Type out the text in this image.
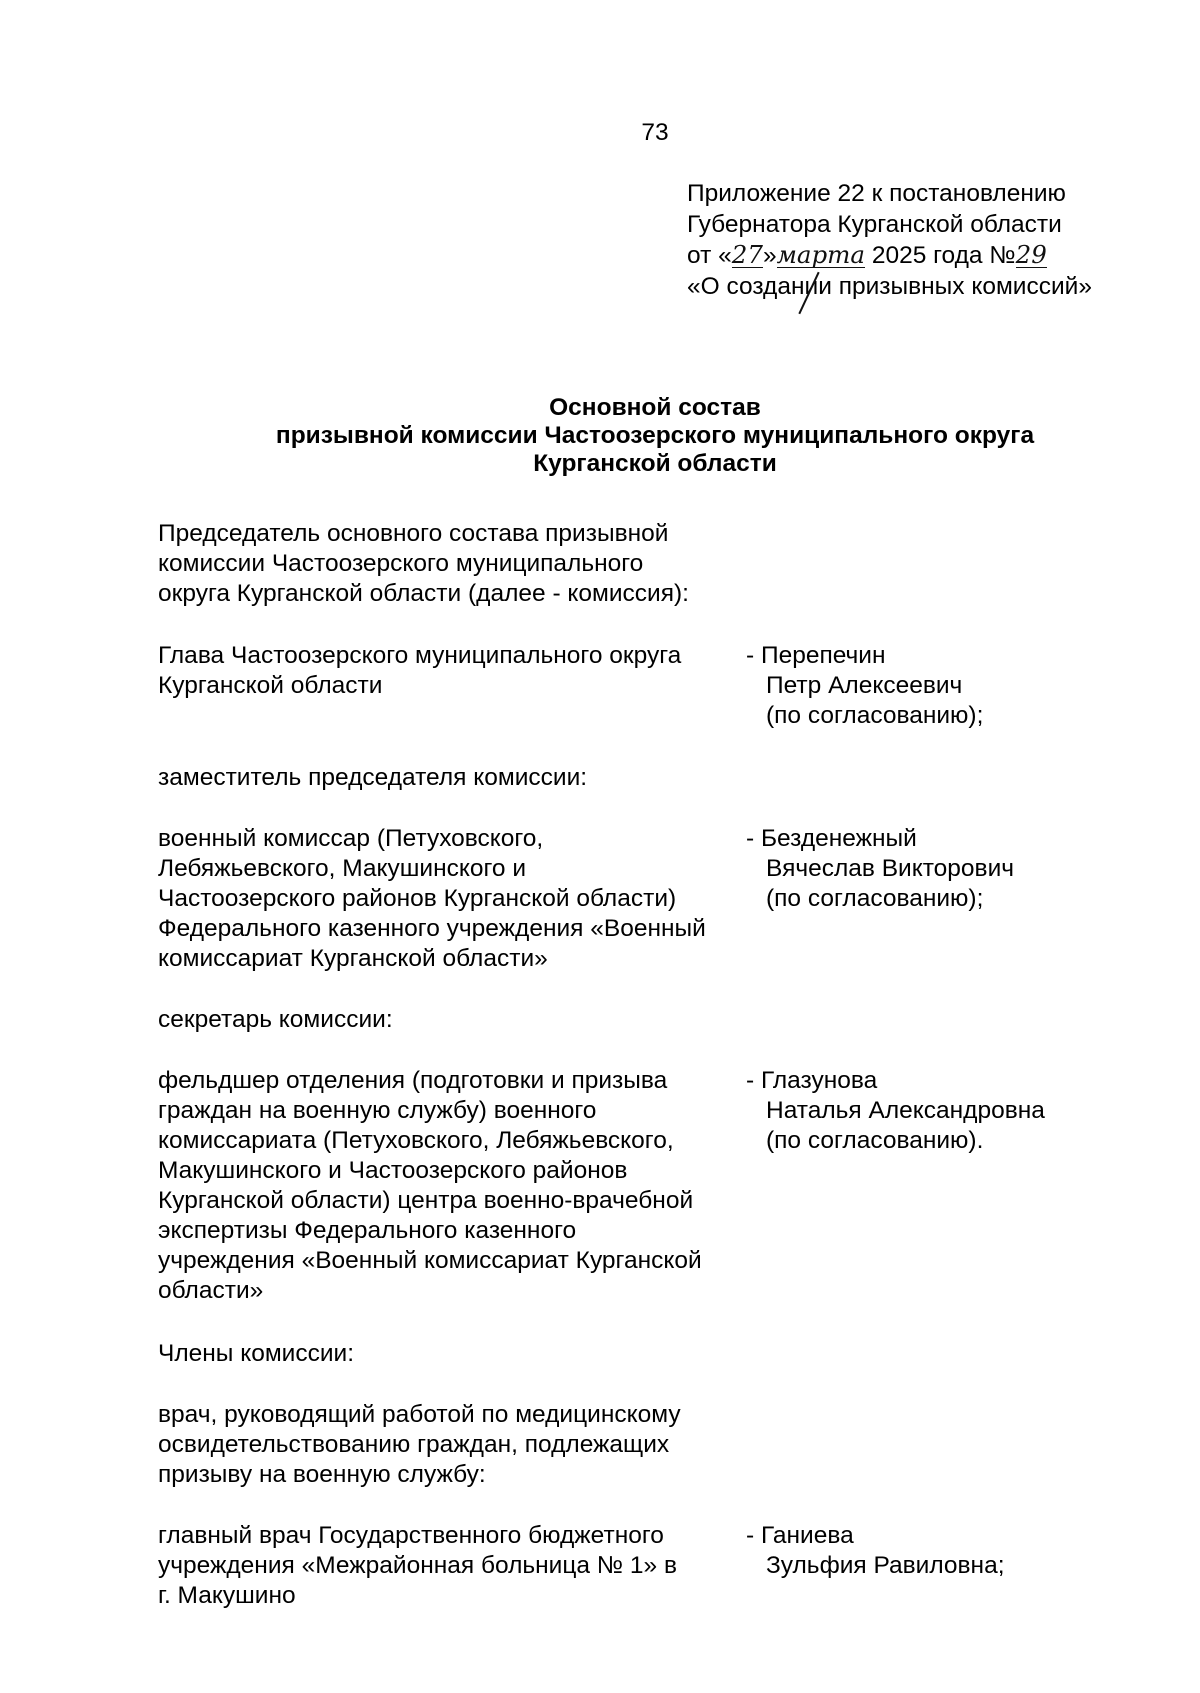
73
Приложение 22 к постановлению
Губернатора Курганской области
от «27»марта 2025 года №29
«О создании призывных комиссий»
Основной состав
призывной комиссии Частоозерского муниципального округа
Курганской области
Председатель основного состава призывной
комиссии Частоозерского муниципального
округа Курганской области (далее - комиссия):
Глава Частоозерского муниципального округа
Курганской области
- Перепечин
Петр Алексеевич
(по согласованию);
заместитель председателя комиссии:
военный комиссар (Петуховского,
Лебяжьевского, Макушинского и
Частоозерского районов Курганской области)
Федерального казенного учреждения «Военный
комиссариат Курганской области»
- Безденежный
Вячеслав Викторович
(по согласованию);
секретарь комиссии:
фельдшер отделения (подготовки и призыва
граждан на военную службу) военного
комиссариата (Петуховского, Лебяжьевского,
Макушинского и Частоозерского районов
Курганской области) центра военно-врачебной
экспертизы Федерального казенного
учреждения «Военный комиссариат Курганской
области»
- Глазунова
Наталья Александровна
(по согласованию).
Члены комиссии:
врач, руководящий работой по медицинскому
освидетельствованию граждан, подлежащих
призыву на военную службу:
главный врач Государственного бюджетного
учреждения «Межрайонная больница № 1» в
г. Макушино
- Ганиева
Зульфия Равиловна;
